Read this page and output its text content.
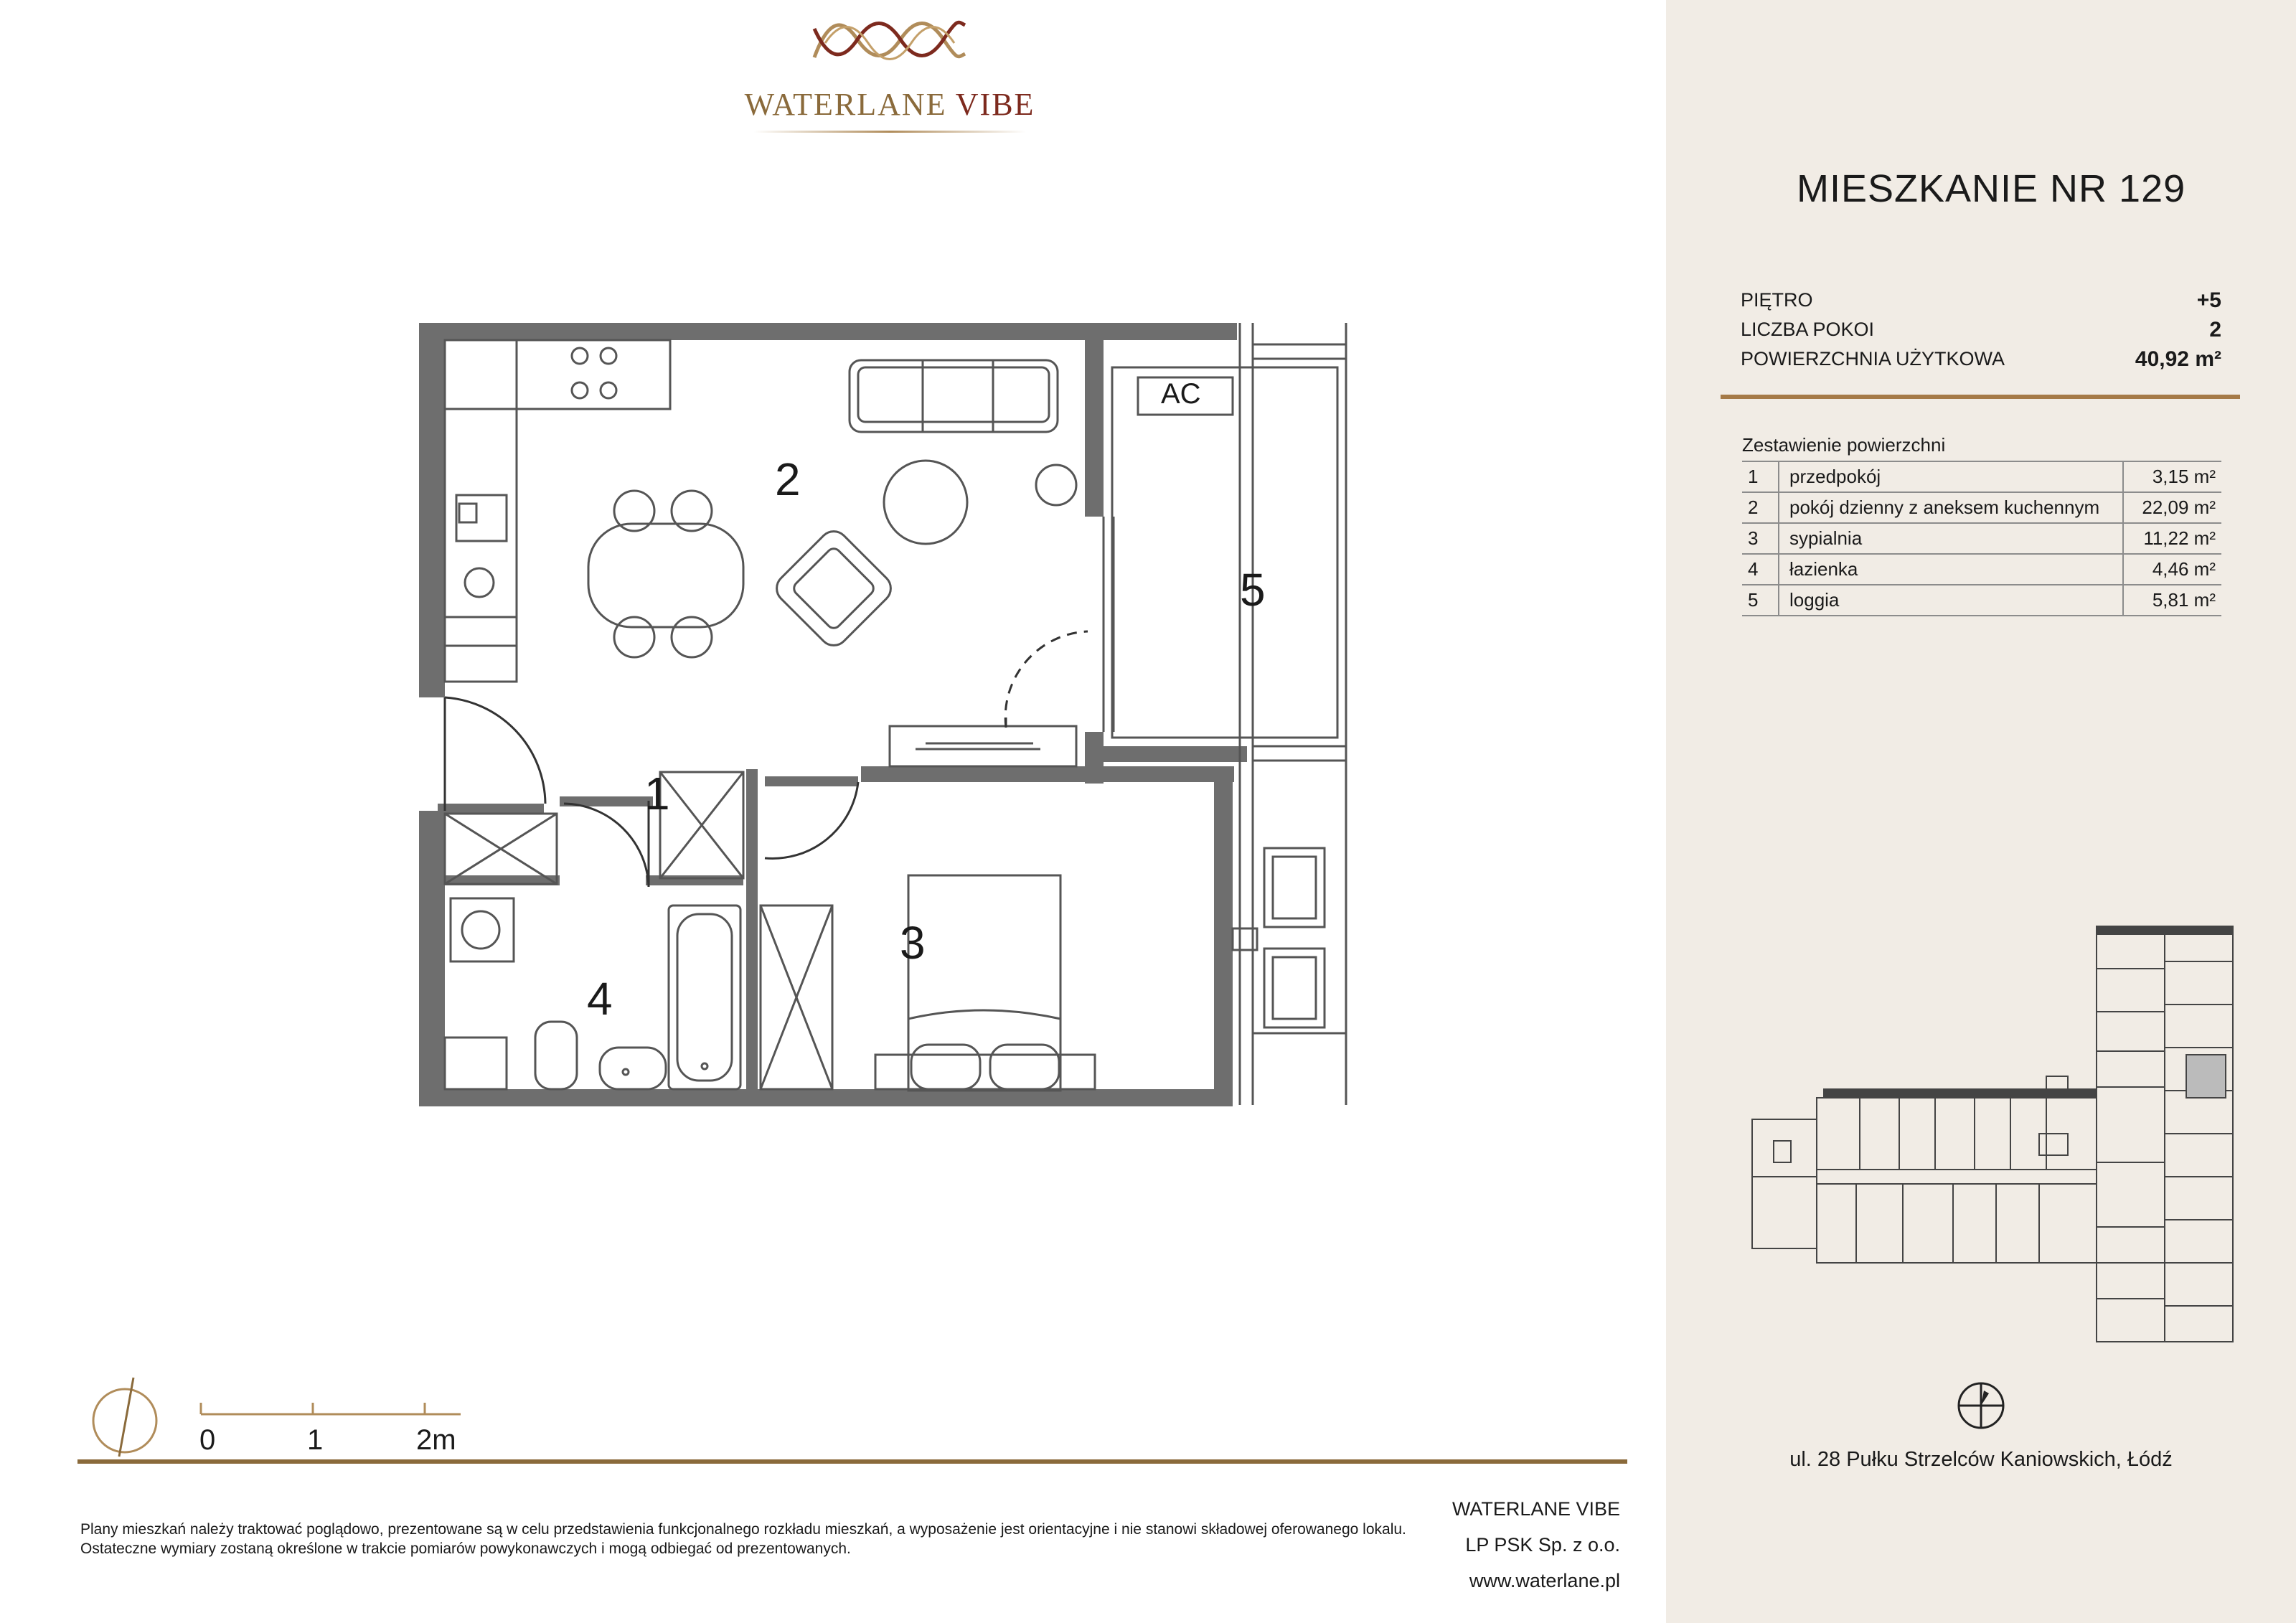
WATERLANE VIBE
AC
1
2
3
4
5
0	1	2m
Plany mieszkań należy traktować poglądowo, prezentowane są w celu przedstawienia funkcjonalnego rozkładu mieszkań, a wyposażenie jest orientacyjne i nie stanowi składowej oferowanego lokalu.
Ostateczne wymiary zostaną określone w trakcie pomiarów powykonawczych i mogą odbiegać od prezentowanych.
WATERLANE VIBE
LP PSK Sp. z o.o.
www.waterlane.pl
MIESZKANIE NR 129
PIĘTRO	+5
LICZBA POKOI	2
POWIERZCHNIA UŻYTKOWA	40,92 m²
Zestawienie powierzchni
1	przedpokój	3,15 m²
2	pokój dzienny z aneksem kuchennym	22,09 m²
3	sypialnia	11,22 m²
4	łazienka	4,46 m²
5	loggia	5,81 m²
ul. 28 Pułku Strzelców Kaniowskich, Łódź
